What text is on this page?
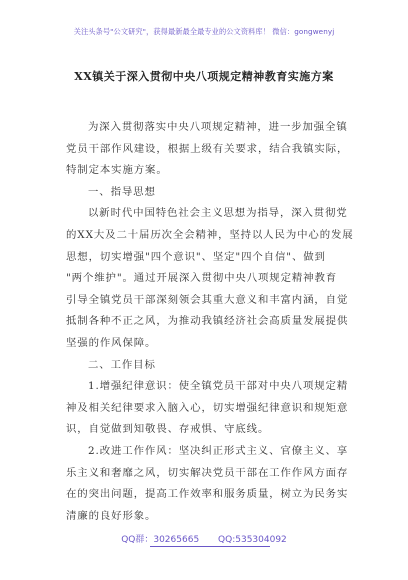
关注头条号"公文研究"，获得最新最全最专业的公文资料库！ 微信：gongwenyj
XX镇关于深入贯彻中央八项规定精神教育实施方案
为深入贯彻落实中央八项规定精神，进一步加强全镇
党员干部作风建设，根据上级有关要求，结合我镇实际，
特制定本实施方案。
一、指导思想
以新时代中国特色社会主义思想为指导，深入贯彻党
的XX大及二十届历次全会精神，坚持以人民为中心的发展
思想，切实增强"四个意识"、坚定"四个自信"、做到
"两个维护"。通过开展深入贯彻中央八项规定精神教育
引导全镇党员干部深刻领会其重大意义和丰富内涵，自觉
抵制各种不正之风，为推动我镇经济社会高质量发展提供
坚强的作风保障。
二、工作目标
1.增强纪律意识：使全镇党员干部对中央八项规定精
神及相关纪律要求入脑入心，切实增强纪律意识和规矩意
识，自觉做到知敬畏、存戒惧、守底线。
2.改进工作作风：坚决纠正形式主义、官僚主义、享
乐主义和奢靡之风，切实解决党员干部在工作作风方面存
在的突出问题，提高工作效率和服务质量，树立为民务实
清廉的良好形象。
QQ群：30265665 QQ:535304092
